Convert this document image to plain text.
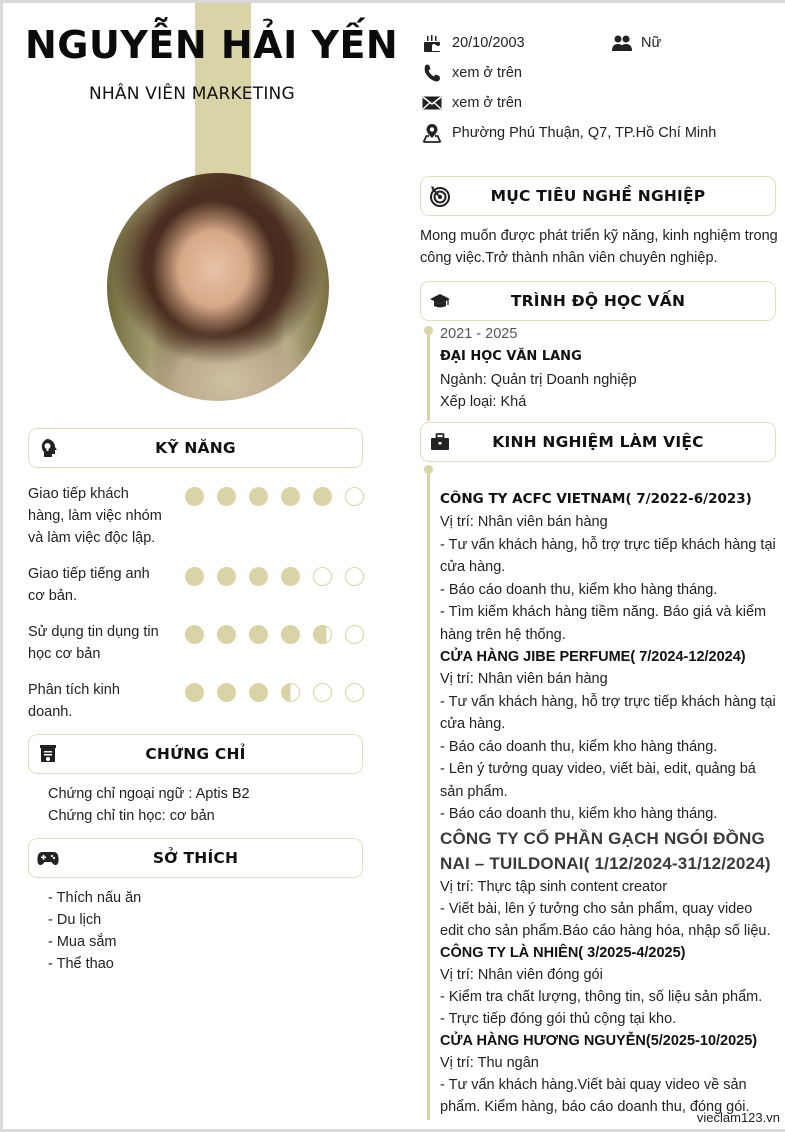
NGUYỄN HẢI YẾN
NHÂN VIÊN MARKETING
20/10/2003
xem ở trên
xem ở trên
Phường Phú Thuận, Q7, TP.Hồ Chí Minh
Nữ
MỤC TIÊU NGHỀ NGHIỆP
Mong muốn được phát triển kỹ năng, kinh nghiệm trong
công việc.Trở thành nhân viên chuyên nghiệp.
TRÌNH ĐỘ HỌC VẤN
2021 - 2025
ĐẠI HỌC VĂN LANG
Ngành: Quản trị Doanh nghiệp
Xếp loại: Khá
KINH NGHIỆM LÀM VIỆC
CÔNG TY ACFC VIETNAM( 7/2022-6/2023)
Vị trí: Nhân viên bán hàng
- Tư vấn khách hàng, hỗ trợ trực tiếp khách hàng tại
cửa hàng.
- Báo cáo doanh thu, kiểm kho hàng tháng.
- Tìm kiếm khách hàng tiềm năng. Báo giá và kiểm
hàng trên hệ thống.
CỬA HÀNG JIBE PERFUME( 7/2024-12/2024)
Vị trí: Nhân viên bán hàng
- Tư vấn khách hàng, hỗ trợ trực tiếp khách hàng tại
cửa hàng.
- Báo cáo doanh thu, kiểm kho hàng tháng.
- Lên ý tưởng quay video, viết bài, edit, quảng bá
sản phẩm.
- Báo cáo doanh thu, kiểm kho hàng tháng.
CÔNG TY CỔ PHẦN GẠCH NGÓI ĐỒNG
NAI – TUILDONAI( 1/12/2024-31/12/2024)
Vị trí: Thực tập sinh content creator
- Viết bài, lên ý tưởng cho sản phẩm, quay video
edit cho sản phẩm.Báo cáo hàng hóa, nhập số liệu.
CÔNG TY LÀ NHIÊN( 3/2025-4/2025)
Vị trí: Nhân viên đóng gói
- Kiểm tra chất lượng, thông tin, số liệu sản phẩm.
- Trực tiếp đóng gói thủ cộng tại kho.
CỬA HÀNG HƯƠNG NGUYỄN(5/2025-10/2025)
Vị trí: Thu ngân
- Tư vấn khách hàng.Viết bài quay video về sản
phẩm. Kiểm hàng, báo cáo doanh thu, đóng gói.
KỸ NĂNG
Giao tiếp khách
hàng, làm việc nhóm
và làm việc độc lập.
Giao tiếp tiếng anh
cơ bản.
Sử dụng tin dụng tin
học cơ bản
Phân tích kinh
doanh.
CHỨNG CHỈ
Chứng chỉ ngoại ngữ : Aptis B2
Chứng chỉ tin học: cơ bản
SỞ THÍCH
- Thích nấu ăn
- Du lịch
- Mua sắm
- Thể thao
vieclam123.vn
